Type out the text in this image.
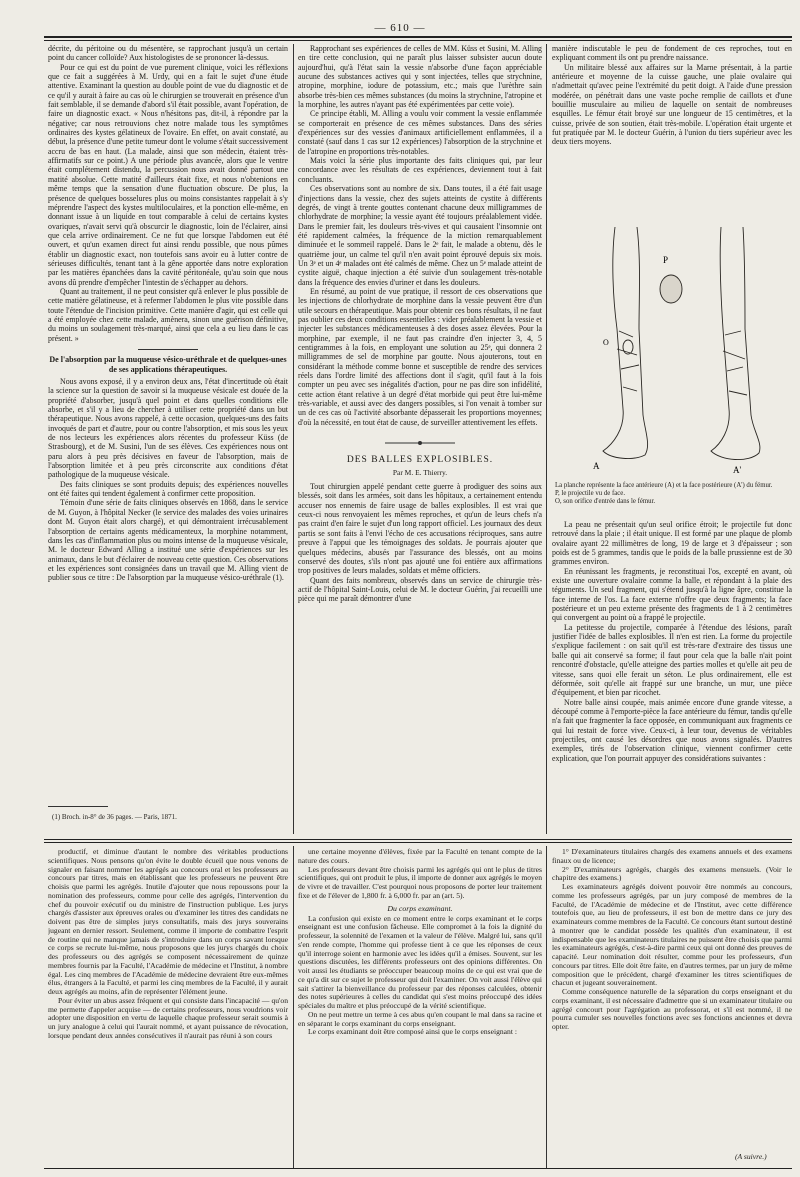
— 610 —

décrite, du péritoine ou du mésentère, se rapprochant jusqu'à un certain point du cancer colloïde? Aux histologistes de se prononcer là-dessus.

Pour ce qui est du point de vue purement clinique, voici les réflexions que ce fait a suggérées à M. Urdy, qui en a fait le sujet d'une étude attentive. Examinant la question au double point de vue du diagnostic et de ce qu'il y aurait à faire au cas où le chirurgien se trouverait en présence d'un fait semblable, il se demande d'abord s'il était possible, avant l'opération, de faire un diagnostic exact. « Nous n'hésitons pas, dit-il, à répondre par la négative; car nous retrouvions chez notre malade tous les symptômes ordinaires des kystes gélatineux de l'ovaire. En effet, on avait constaté, au début, la présence d'une petite tumeur dont le volume s'était successivement accru de bas en haut. (La malade, ainsi que son médecin, étaient très-affirmatifs sur ce point.) A une période plus avancée, alors que le ventre était complétement distendu, la percussion nous avait donné partout une matité absolue. Cette matité d'ailleurs était fixe, et nous n'obtenions en même temps que la sensation d'une fluctuation obscure. De plus, la présence de quelques bosselures plus ou moins consistantes rappelait à s'y méprendre l'aspect des kystes multiloculaires, et la ponction elle-même, en donnant issue à un liquide en tout comparable à celui de certains kystes ovariques, n'avait servi qu'à obscurcir le diagnostic, loin de l'éclairer, ainsi que cela arrive ordinairement. Ce ne fut que lorsque l'abdomen eut été ouvert, et qu'un examen direct fut ainsi rendu possible, que nous pûmes établir un diagnostic exact, non toutefois sans avoir eu à lutter contre de sérieuses difficultés, tenant tant à la gêne apportée dans notre exploration par les matières épanchées dans la cavité péritonéale, qu'au soin que nous avons dû prendre d'empêcher l'intestin de s'échapper au dehors.

Quant au traitement, il ne peut consister qu'à enlever le plus possible de cette matière gélatineuse, et à refermer l'abdomen le plus vite possible dans toute l'étendue de l'incision primitive. Cette manière d'agir, qui est celle qui a été employée chez cette malade, amènera, sinon une guérison définitive, du moins un soulagement très-marqué, ainsi que cela a eu lieu dans le cas présent. »

De l'absorption par la muqueuse vésico-uréthrale et de quelques-unes de ses applications thérapeutiques.

Nous avons exposé, il y a environ deux ans, l'état d'incertitude où était la science sur la question de savoir si la muqueuse vésicale est douée de la propriété d'absorber, jusqu'à quel point et dans quelles conditions elle absorbe, et s'il y a lieu de chercher à utiliser cette propriété dans un but thérapeutique. Nous avons rappelé, à cette occasion, quelques-uns des faits invoqués de part et d'autre, pour ou contre l'absorption, et mis sous les yeux de nos lecteurs les expériences alors récentes du professeur Küss (de Strasbourg), et de M. Susini, l'un de ses élèves. Ces expériences nous ont paru alors à peu près décisives en faveur de l'absorption, mais de l'absorption limitée et à peu près circonscrite aux conditions d'état pathologique de la muqueuse vésicale.

Des faits cliniques se sont produits depuis; des expériences nouvelles ont été faites qui tendent également à confirmer cette proposition.

Témoin d'une série de faits cliniques observés en 1868, dans le service de M. Guyon, à l'hôpital Necker (le service des malades des voies urinaires dont M. Guyon était alors chargé), et qui démontraient irrécusablement l'absorption de certains agents médicamenteux, la morphine notamment, dans les cas d'inflammation plus ou moins intense de la muqueuse vésicale, M. le docteur Edward Alling a institué une série d'expériences sur les animaux, dans le but d'éclairer de nouveau cette question. Ces observations et les expériences sont consignées dans un travail que M. Alling vient de publier sous ce titre : De l'absorption par la muqueuse vésico-uréthrale (1).

(1) Broch. in-8° de 36 pages. — Paris, 1871.

Rapprochant ses expériences de celles de MM. Küss et Susini, M. Alling en tire cette conclusion, qui ne paraît plus laisser subsister aucun doute aujourd'hui, qu'à l'état sain la vessie n'absorbe d'une façon appréciable aucune des substances actives qui y sont injectées, telles que strychnine, atropine, morphine, iodure de potassium, etc.; mais que l'urèthre sain absorbe très-bien ces mêmes substances (du moins la strychnine, l'atropine et la morphine, les autres n'ayant pas été expérimentées par cette voie).

Ce principe établi, M. Alling a voulu voir comment la vessie enflammée se comporterait en présence de ces mêmes substances. Dans des séries d'expériences sur des vessies d'animaux artificiellement enflammées, il a constaté (sauf dans 1 cas sur 12 expériences) l'absorption de la strychnine et de l'atropine en proportions très-notables.

Mais voici la série plus importante des faits cliniques qui, par leur concordance avec les résultats de ces expériences, deviennent tout à fait concluants.

Ces observations sont au nombre de six. Dans toutes, il a été fait usage d'injections dans la vessie, chez des sujets atteints de cystite à différents degrés, de vingt à trente gouttes contenant chacune deux milligrammes de chlorhydrate de morphine; la vessie ayant été toujours préalablement vidée. Dans le premier fait, les douleurs très-vives et qui causaient l'insomnie ont été rapidement calmées, la fréquence de la miction remarquablement diminuée et le sommeil rappelé. Dans le 2ᵉ fait, le malade a obtenu, dès le quatrième jour, un calme tel qu'il n'en avait point éprouvé depuis six mois. Un 3ᵉ et un 4ᵉ malades ont été calmés de même. Chez un 5ᵉ malade atteint de cystite aiguë, chaque injection a été suivie d'un soulagement très-notable dans la fréquence des envies d'uriner et dans les douleurs.

En résumé, au point de vue pratique, il ressort de ces observations que les injections de chlorhydrate de morphine dans la vessie peuvent être d'un utile secours en thérapeutique. Mais pour obtenir ces bons résultats, il ne faut pas oublier ces deux conditions essentielles : vider préalablement la vessie et injecter les substances médicamenteuses à des doses assez élevées. Pour la morphine, par exemple, il ne faut pas craindre d'en injecter 3, 4, 5 centigrammes à la fois, en employant une solution au 25ᵉ, qui donnera 2 milligrammes de sel de morphine par goutte. Nous ajouterons, tout en considérant la méthode comme bonne et susceptible de rendre des services réels dans l'ordre limité des affections dont il s'agit, qu'il faut à la fois compter un peu avec ses inégalités d'action, pour ne pas dire son infidélité, cette action étant relative à un degré d'état morbide qui peut être lui-même très-variable, et aussi avec des dangers possibles, si l'on venait à tomber sur un de ces cas où l'activité absorbante dépasserait les proportions moyennes; d'où la nécessité, en tout état de cause, de surveiller attentivement les effets.

DES BALLES EXPLOSIBLES.
Par M. E. Thierry.

Tout chirurgien appelé pendant cette guerre à prodiguer des soins aux blessés, soit dans les armées, soit dans les hôpitaux, a certainement entendu accuser nos ennemis de faire usage de balles explosibles. Il est vrai que ceux-ci nous renvoyaient les mêmes reproches, et qu'un de leurs chefs n'a pas craint d'en faire le sujet d'un long rapport officiel. Les journaux des deux partis se sont faits à l'envi l'écho de ces accusations réciproques, sans autre preuve à l'appui que les témoignages des soldats. Je pourrais ajouter que quelques médecins, abusés par l'assurance des blessés, ont au moins conservé des doutes, s'ils n'ont pas ajouté une foi entière aux affirmations trop positives de leurs malades, soldats et même officiers.

Quant des faits nombreux, observés dans un service de chirurgie très-actif de l'hôpital Saint-Louis, celui de M. le docteur Guérin, j'ai recueilli une pièce qui me paraît démontrer d'une

manière indiscutable le peu de fondement de ces reproches, tout en expliquant comment ils ont pu prendre naissance.

Un militaire blessé aux affaires sur la Marne présentait, à la partie antérieure et moyenne de la cuisse gauche, une plaie ovalaire qui n'admettait qu'avec peine l'extrémité du petit doigt. A l'aide d'une pression modérée, on pénétrait dans une vaste poche remplie de caillots et d'une bouillie musculaire au milieu de laquelle on sentait de nombreuses esquilles. Le fémur était broyé sur une longueur de 15 centimètres, et la cuisse, privée de son soutien, était très-mobile. L'opération était urgente et fut pratiquée par M. le docteur Guérin, à l'union du tiers supérieur avec les deux tiers moyens.

P
A	A'
O
La planche représente la face antérieure (A) et la face postérieure (A') du fémur.
P, le projectile vu de face.
O, son orifice d'entrée dans le fémur.

La peau ne présentait qu'un seul orifice étroit; le projectile fut donc retrouvé dans la plaie ; il était unique. Il est formé par une plaque de plomb ovalaire ayant 22 millimètres de long, 19 de large et 3 d'épaisseur ; son poids est de 5 grammes, tandis que le poids de la balle prussienne est de 30 grammes environ.

En réunissant les fragments, je reconstituai l'os, excepté en avant, où existe une ouverture ovalaire comme la balle, et répondant à la plaie des téguments. Un seul fragment, qui s'étend jusqu'à la ligne âpre, constitue la face interne de l'os. La face externe n'offre que deux fragments; la face postérieure et un peu externe présente des fragments de 1 à 2 centimètres qui convergent au point où a frappé le projectile.

La petitesse du projectile, comparée à l'étendue des lésions, paraît justifier l'idée de balles explosibles. Il n'en est rien. La forme du projectile s'explique facilement : on sait qu'il est très-rare d'extraire des tissus une balle qui ait conservé sa forme; il faut pour cela que la balle n'ait point rencontré d'obstacle, qu'elle atteigne des parties molles et qu'elle ait peu de vitesse, sans quoi elle ferait un séton. Le plus ordinairement, elle est déformée, soit qu'elle ait frappé sur une branche, un mur, une pièce d'équipement, et bien par ricochet.

Notre balle ainsi coupée, mais animée encore d'une grande vitesse, a découpé comme à l'emporte-pièce la face antérieure du fémur, tandis qu'elle n'a fait que fragmenter la face opposée, en communiquant aux fragments ce qui lui restait de force vive. Ceux-ci, à leur tour, devenus de véritables projectiles, ont causé les désordres que nous avons signalés. D'autres exemples, tirés de l'observation clinique, viennent confirmer cette explication, que l'on pourrait appuyer des considérations suivantes :

productif, et diminue d'autant le nombre des véritables productions scientifiques. Nous pensons qu'on évite le double écueil que nous venons de signaler en faisant nommer les agrégés au concours oral et les professeurs au concours par titres, mais en établissant que les professeurs ne peuvent être choisis que parmi les agrégés. Inutile d'ajouter que nous repoussons pour la nomination des professeurs, comme pour celle des agrégés, l'intervention du chef du pouvoir exécutif ou du ministre de l'instruction publique. Les jurys chargés d'assister aux épreuves orales ou d'examiner les titres des candidats ne doivent pas être de simples jurys consultatifs, mais des jurys souverains jugeant en dernier ressort. Seulement, comme il importe de combattre l'esprit de routine qui ne manque jamais de s'introduire dans un corps savant lorsque ce corps se recrute lui-même, nous proposons que les jurys chargés du choix des professeurs ou des agrégés se composent nécessairement de quinze membres fournis par la Faculté, l'Académie de médecine et l'Institut, à nombre égal. Les cinq membres de l'Académie de médecine devraient être eux-mêmes élus, étrangers à la Faculté, et parmi les cinq membres de la Faculté, il y aurait deux agrégés au moins, afin de représenter l'élément jeune.

Pour éviter un abus assez fréquent et qui consiste dans l'incapacité — qu'on me permette d'appeler acquise — de certains professeurs, nous voudrions voir adopter une disposition en vertu de laquelle chaque professeur serait soumis à un jury analogue à celui qui l'aurait nommé, et ayant puissance de révocation, lorsque pendant deux années consécutives il n'aurait pas réuni à son cours

une certaine moyenne d'élèves, fixée par la Faculté en tenant compte de la nature des cours.

Les professeurs devant être choisis parmi les agrégés qui ont le plus de titres scientifiques, qui ont produit le plus, il importe de donner aux agrégés le moyen de vivre et de travailler. C'est pourquoi nous proposons de porter leur traitement fixe et de l'élever de 1,800 fr. à 6,000 fr. par an (art. 5).

Du corps examinant.

La confusion qui existe en ce moment entre le corps examinant et le corps enseignant est une confusion fâcheuse. Elle compromet à la fois la dignité du professeur, la solennité de l'examen et la valeur de l'élève. Malgré lui, sans qu'il s'en rende compte, l'homme qui professe tient à ce que les réponses de ceux qu'il interroge soient en harmonie avec les idées qu'il a émises. Souvent, sur les questions discutées, les différents professeurs ont des opinions différentes. On voit aussi les étudiants se préoccuper beaucoup moins de ce qui est vrai que de ce qu'a dit sur ce sujet le professeur qui doit l'examiner. On voit aussi l'élève qui sait s'attirer la bienveillance du professeur par des réponses calculées, obtenir des notes supérieures à celles du candidat qui s'est moins préoccupé des idées spéciales du maître et plus préoccupé de la vérité scientifique.

On ne peut mettre un terme à ces abus qu'en coupant le mal dans sa racine et en séparant le corps examinant du corps enseignant.

Le corps examinant doit être composé ainsi que le corps enseignant :

1° D'examinateurs titulaires chargés des examens annuels et des examens finaux ou de licence;

2° D'examinateurs agrégés, chargés des examens mensuels. (Voir le chapitre des examens.)

Les examinateurs agrégés doivent pouvoir être nommés au concours, comme les professeurs agrégés, par un jury composé de membres de la Faculté, de l'Académie de médecine et de l'Institut, avec cette différence toutefois que, au lieu de professeurs, il est bon de mettre dans ce jury des examinateurs comme membres de la Faculté. Ce concours étant surtout destiné à montrer que le candidat possède les qualités d'un examinateur, il est indispensable que les examinateurs titulaires ne puissent être choisis que parmi les examinateurs agrégés, c'est-à-dire parmi ceux qui ont donné des preuves de capacité. Leur nomination doit résulter, comme pour les professeurs, d'un concours par titres. Elle doit être faite, en d'autres termes, par un jury de même composition que le précédent, chargé d'examiner les titres scientifiques de chacun et jugeant souverainement.

Comme conséquence naturelle de la séparation du corps enseignant et du corps examinant, il est nécessaire d'admettre que si un examinateur titulaire ou agrégé concourt pour l'agrégation au professorat, et s'il est nommé, il ne pourra cumuler ses nouvelles fonctions avec ses fonctions anciennes et devra opter.

(A suivre.)
